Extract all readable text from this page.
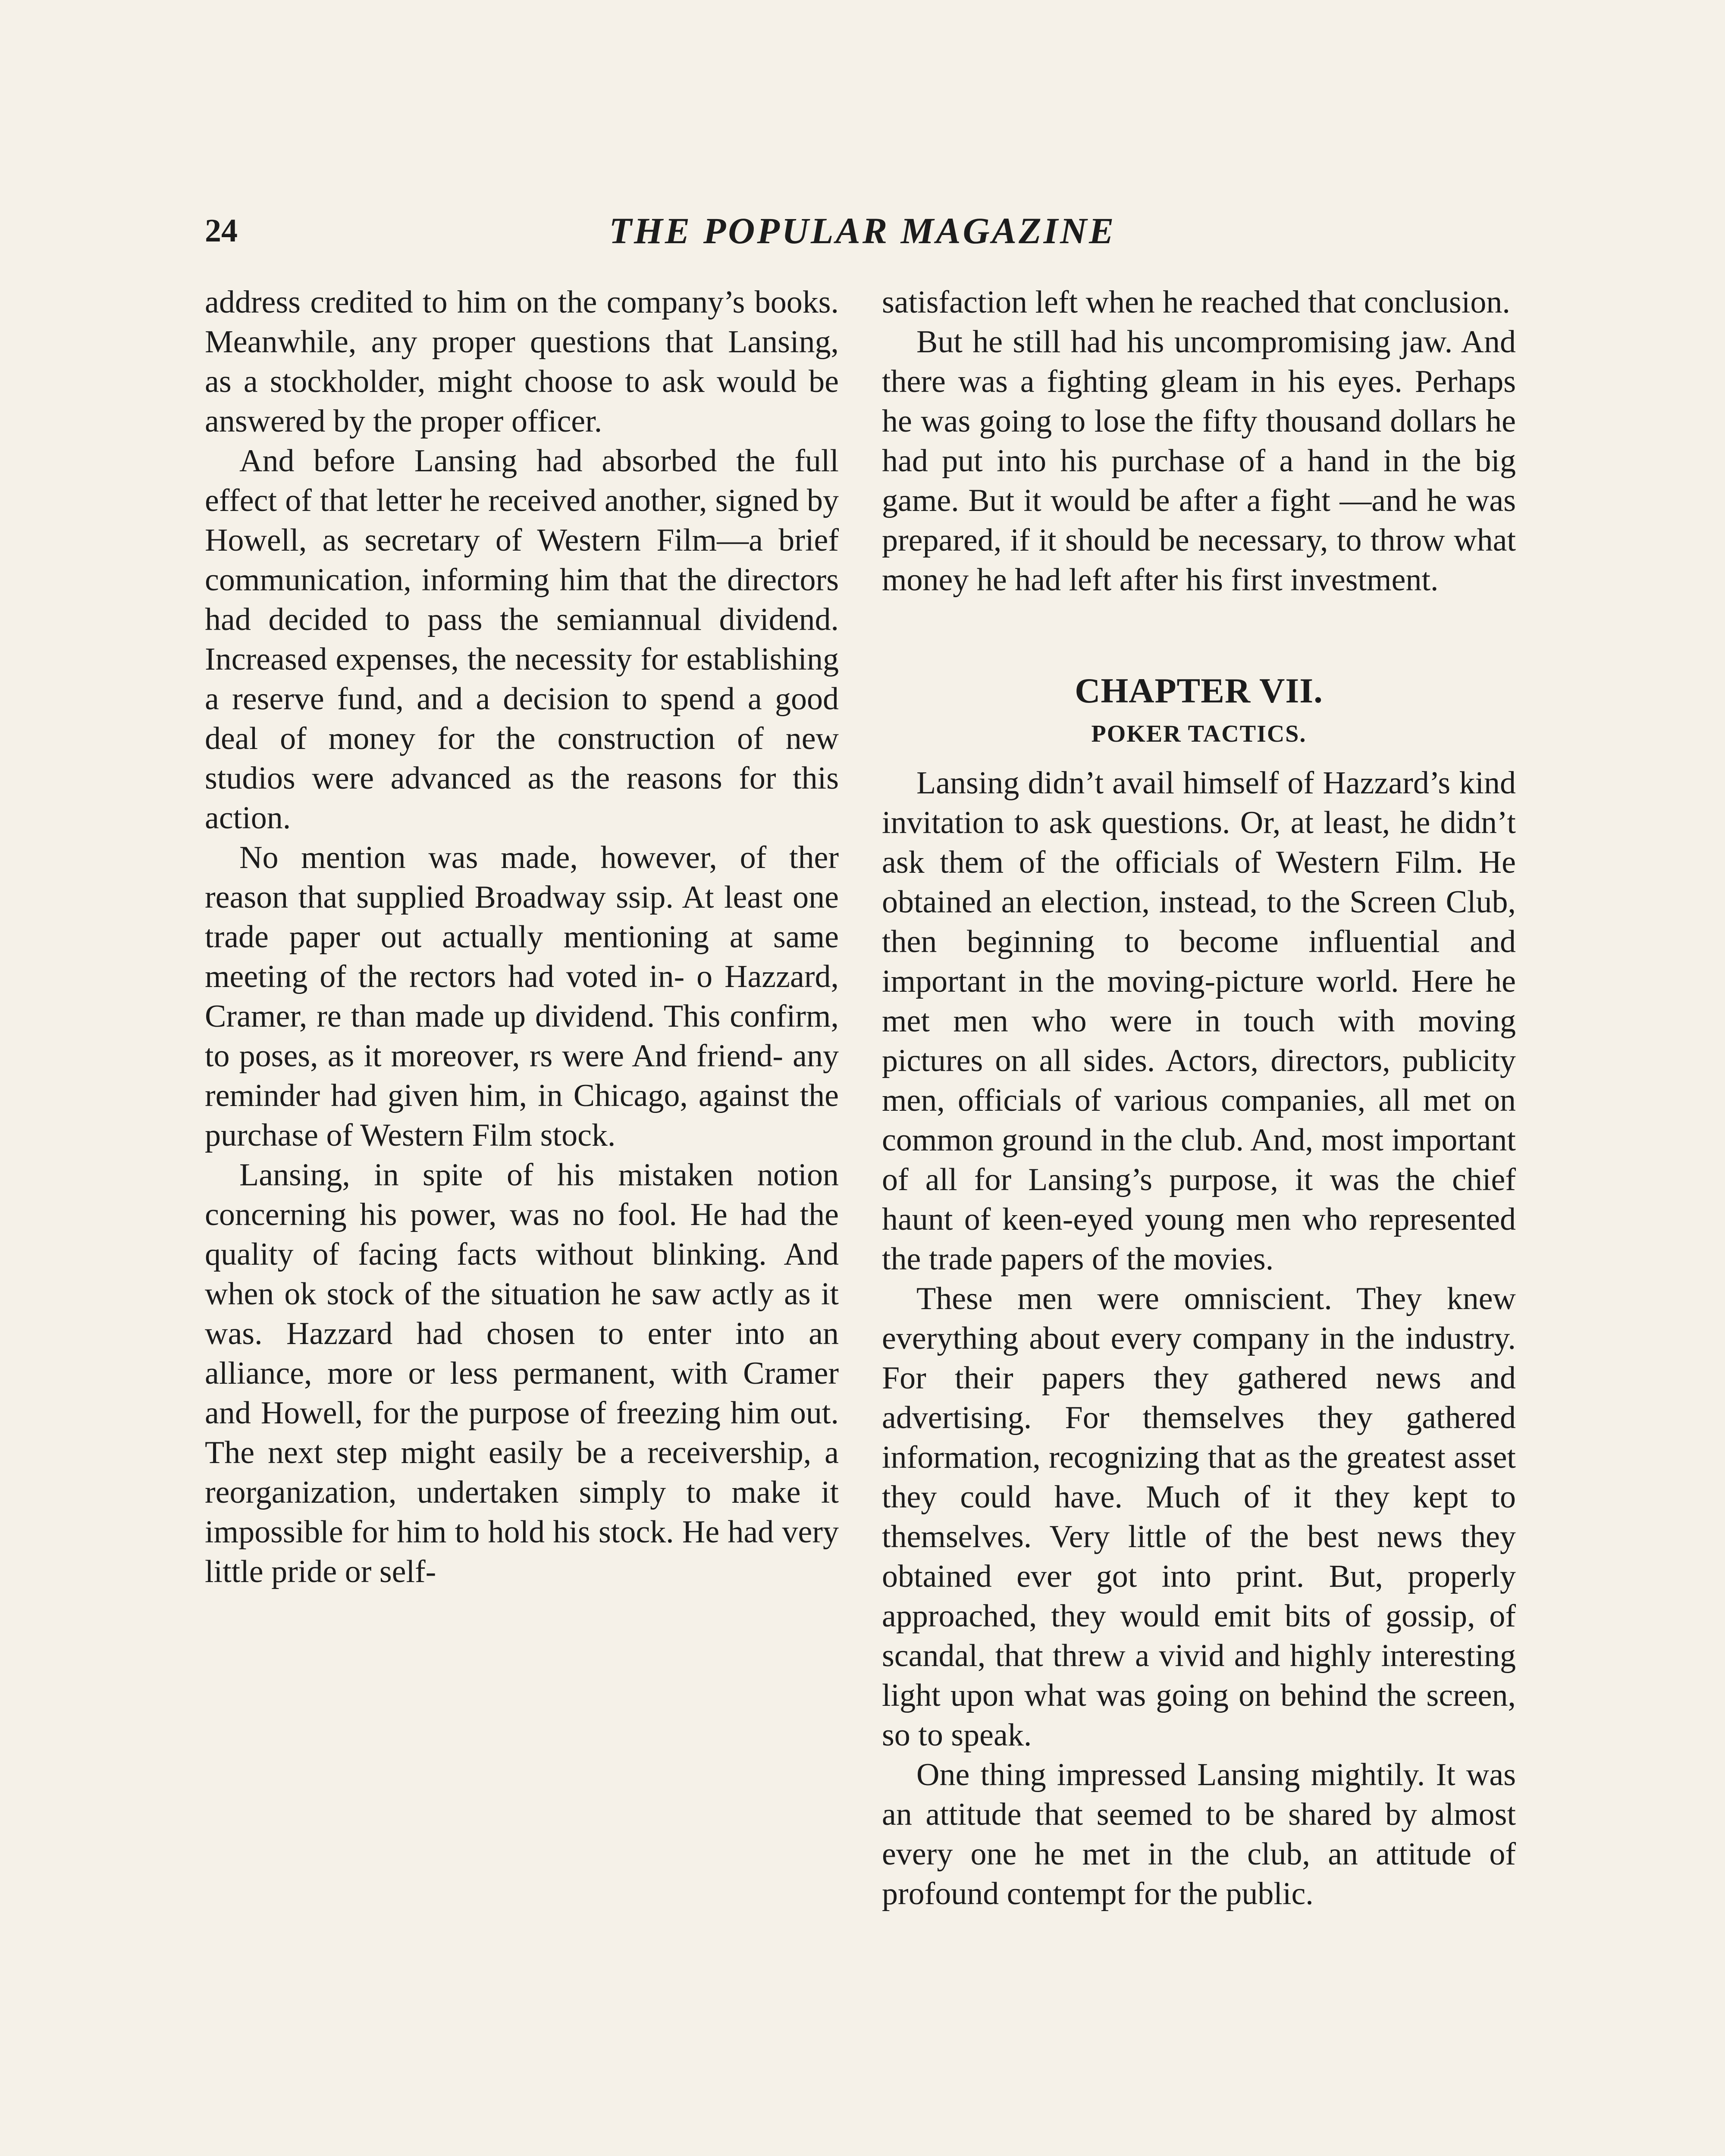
24	THE POPULAR MAGAZINE

address credited to him on the company’s books. Meanwhile, any proper questions that Lansing, as a stockholder, might choose to ask would be answered by the proper officer.

And before Lansing had absorbed the full effect of that letter he received another, signed by Howell, as secretary of Western Film—a brief communication, informing him that the directors had decided to pass the semiannual dividend. Increased expenses, the necessity for establishing a reserve fund, and a decision to spend a good deal of money for the construction of new studios were advanced as the reasons for this action.

No mention was made, however, of ther reason that supplied Broadway ssip. At least one trade paper out actually mentioning at same meeting of the rectors had voted in- o Hazzard, Cramer, re than made up dividend. This confirm, to poses, as it moreover, rs were And friend- any reminder had given him, in Chicago, against the purchase of Western Film stock.

Lansing, in spite of his mistaken notion concerning his power, was no fool. He had the quality of facing facts without blinking. And when ok stock of the situation he saw actly as it was. Hazzard had chosen to enter into an alliance, more or less permanent, with Cramer and Howell, for the purpose of freezing him out. The next step might easily be a receivership, a reorganization, undertaken simply to make it impossible for him to hold his stock. He had very little pride or self-

satisfaction left when he reached that conclusion.

But he still had his uncompromising jaw. And there was a fighting gleam in his eyes. Perhaps he was going to lose the fifty thousand dollars he had put into his purchase of a hand in the big game. But it would be after a fight —and he was prepared, if it should be necessary, to throw what money he had left after his first investment.

CHAPTER VII.
POKER TACTICS.

Lansing didn’t avail himself of Hazzard’s kind invitation to ask questions. Or, at least, he didn’t ask them of the officials of Western Film. He obtained an election, instead, to the Screen Club, then beginning to become influential and important in the moving-picture world. Here he met men who were in touch with moving pictures on all sides. Actors, directors, publicity men, officials of various companies, all met on common ground in the club. And, most important of all for Lansing’s purpose, it was the chief haunt of keen-eyed young men who represented the trade papers of the movies.

These men were omniscient. They knew everything about every company in the industry. For their papers they gathered news and advertising. For themselves they gathered information, recognizing that as the greatest asset they could have. Much of it they kept to themselves. Very little of the best news they obtained ever got into print. But, properly approached, they would emit bits of gossip, of scandal, that threw a vivid and highly interesting light upon what was going on behind the screen, so to speak.

One thing impressed Lansing mightily. It was an attitude that seemed to be shared by almost every one he met in the club, an attitude of profound contempt for the public.
